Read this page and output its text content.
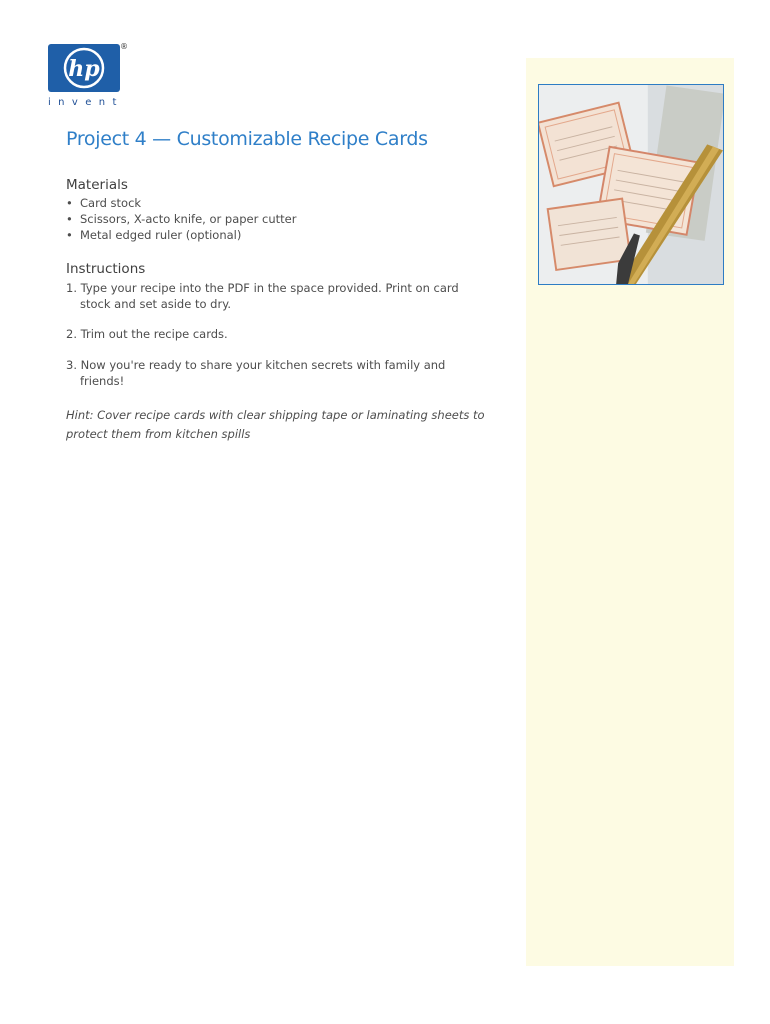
hp
®
invent
Project 4 — Customizable Recipe Cards
Materials
• Card stock
• Scissors, X-acto knife, or paper cutter
• Metal edged ruler (optional)
Instructions

1. Type your recipe into the PDF in the space provided. Print on card stock and set aside to dry.

2. Trim out the recipe cards.

3. Now you're ready to share your kitchen secrets with family and friends!

Hint: Cover recipe cards with clear shipping tape or laminating sheets to protect them from kitchen spills
